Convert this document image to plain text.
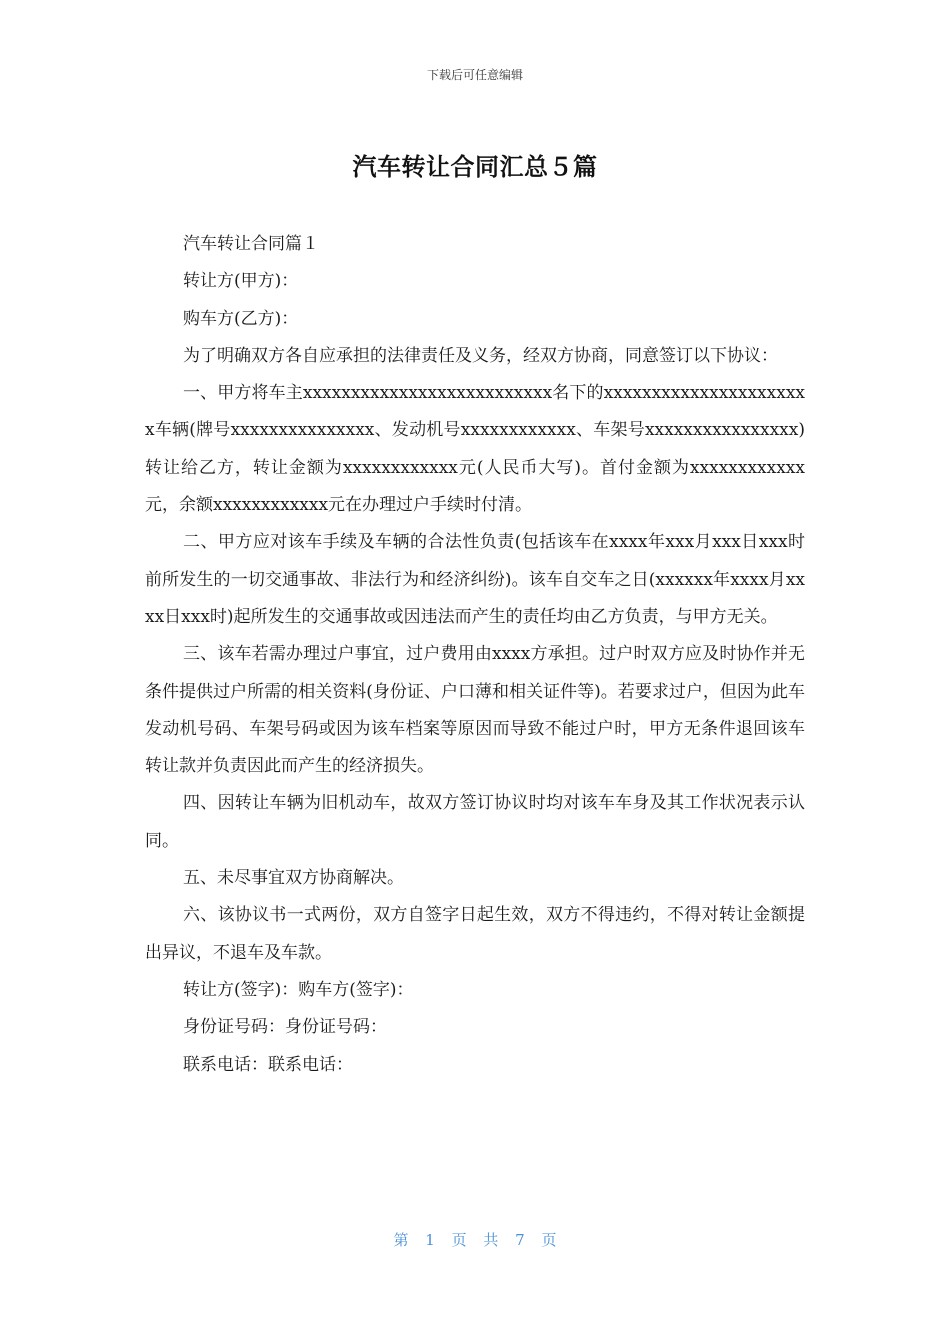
下载后可任意编辑
汽车转让合同汇总５篇

汽车转让合同篇１

转让方(甲方)：

购车方(乙方)：

为了明确双方各自应承担的法律责任及义务，经双方协商，同意签订以下协议：

一、甲方将车主xxxxxxxxxxxxxxxxxxxxxxxxxx名下的xxxxxxxxxxxxxxxxxxxxxx车辆(牌号xxxxxxxxxxxxxxx、发动机号xxxxxxxxxxxx、车架号xxxxxxxxxxxxxxxx)转让给乙方，转让金额为xxxxxxxxxxxx元(人民币大写)。首付金额为xxxxxxxxxxxx元，余额xxxxxxxxxxxx元在办理过户手续时付清。

二、甲方应对该车手续及车辆的合法性负责(包括该车在xxxx年xxx月xxx日xxx时前所发生的一切交通事故、非法行为和经济纠纷)。该车自交车之日(xxxxxx年xxxx月xxxx日xxx时)起所发生的交通事故或因违法而产生的责任均由乙方负责，与甲方无关。

三、该车若需办理过户事宜，过户费用由xxxx方承担。过户时双方应及时协作并无条件提供过户所需的相关资料(身份证、户口薄和相关证件等)。若要求过户，但因为此车发动机号码、车架号码或因为该车档案等原因而导致不能过户时，甲方无条件退回该车转让款并负责因此而产生的经济损失。

四、因转让车辆为旧机动车，故双方签订协议时均对该车车身及其工作状况表示认同。

五、未尽事宜双方协商解决。

六、该协议书一式两份，双方自签字日起生效，双方不得违约，不得对转让金额提出异议，不退车及车款。

转让方(签字)：购车方(签字)：

身份证号码：身份证号码：

联系电话：联系电话：

第 1 页 共 7 页
